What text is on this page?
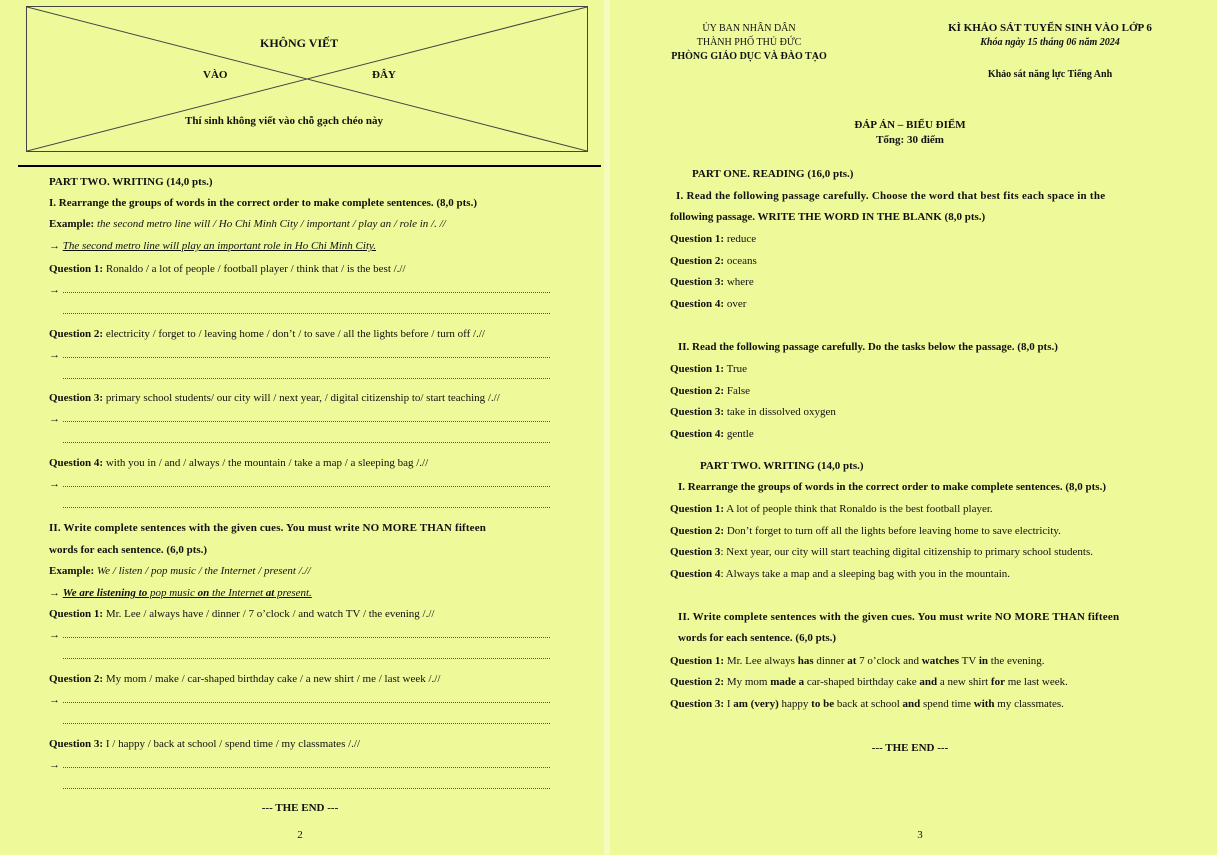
KHÔNG VIẾT
VÀO	ĐÂY
Thí sinh không viết vào chỗ gạch chéo này
PART TWO. WRITING (14,0 pts.)
I. Rearrange the groups of words in the correct order to make complete sentences. (8,0 pts.)
Example: the second metro line will / Ho Chi Minh City / important / play an / role in /. //
→ The second metro line will play an important role in Ho Chi Minh City.
Question 1: Ronaldo / a lot of people / football player / think that / is the best /.//
→
Question 2: electricity / forget to / leaving home / don’t / to save / all the lights before / turn off /.//
→
Question 3: primary school students/ our city will / next year, / digital citizenship to/ start teaching /.//
→
Question 4: with you in / and / always / the mountain / take a map / a sleeping bag /.//
→
II. Write complete sentences with the given cues. You must write NO MORE THAN fifteen
words for each sentence. (6,0 pts.)
Example: We / listen / pop music / the Internet / present /.//
→ We are listening to pop music on the Internet at present.
Question 1: Mr. Lee / always have / dinner / 7 o’clock / and watch TV / the evening /.//
→
Question 2: My mom / make / car-shaped birthday cake / a new shirt / me / last week /.//
→
Question 3: I / happy / back at school / spend time / my classmates /.//
→
--- THE END ---
2
ỦY BAN NHÂN DÂN
THÀNH PHỐ THỦ ĐỨC
PHÒNG GIÁO DỤC VÀ ĐÀO TẠO
KÌ KHẢO SÁT TUYỂN SINH VÀO LỚP 6
Khóa ngày 15 tháng 06 năm 2024
Khảo sát năng lực Tiếng Anh
ĐÁP ÁN – BIỂU ĐIỂM
Tổng: 30 điểm
PART ONE. READING (16,0 pts.)
I. Read the following passage carefully. Choose the word that best fits each space in the
following passage. WRITE THE WORD IN THE BLANK (8,0 pts.)
Question 1: reduce
Question 2: oceans
Question 3: where
Question 4: over
II. Read the following passage carefully. Do the tasks below the passage. (8,0 pts.)
Question 1: True
Question 2: False
Question 3: take in dissolved oxygen
Question 4: gentle
PART TWO. WRITING (14,0 pts.)
I. Rearrange the groups of words in the correct order to make complete sentences. (8,0 pts.)
Question 1: A lot of people think that Ronaldo is the best football player.
Question 2: Don’t forget to turn off all the lights before leaving home to save electricity.
Question 3: Next year, our city will start teaching digital citizenship to primary school students.
Question 4: Always take a map and a sleeping bag with you in the mountain.
II. Write complete sentences with the given cues. You must write NO MORE THAN fifteen
words for each sentence. (6,0 pts.)
Question 1: Mr. Lee always has dinner at 7 o’clock and watches TV in the evening.
Question 2: My mom made a car-shaped birthday cake and a new shirt for me last week.
Question 3: I am (very) happy to be back at school and spend time with my classmates.
--- THE END ---
3
